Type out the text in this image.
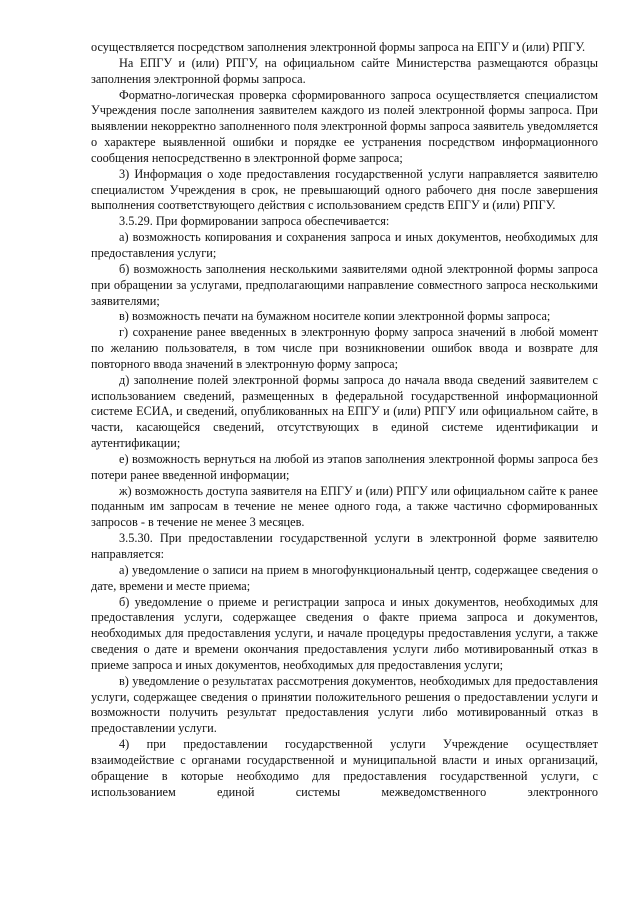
осуществляется посредством заполнения электронной формы запроса на ЕПГУ и (или) РПГУ.

На ЕПГУ и (или) РПГУ, на официальном сайте Министерства размещаются образцы заполнения электронной формы запроса.

Форматно-логическая проверка сформированного запроса осуществляется специалистом Учреждения после заполнения заявителем каждого из полей электронной формы запроса. При выявлении некорректно заполненного поля электронной формы запроса заявитель уведомляется о характере выявленной ошибки и порядке ее устранения посредством информационного сообщения непосредственно в электронной форме запроса;

3) Информация о ходе предоставления государственной услуги направляется заявителю специалистом Учреждения в срок, не превышающий одного рабочего дня после завершения выполнения соответствующего действия с использованием средств ЕПГУ и (или) РПГУ.

3.5.29. При формировании запроса обеспечивается:

а) возможность копирования и сохранения запроса и иных документов, необходимых для предоставления услуги;

б) возможность заполнения несколькими заявителями одной электронной формы запроса при обращении за услугами, предполагающими направление совместного запроса несколькими заявителями;

в) возможность печати на бумажном носителе копии электронной формы запроса;

г) сохранение ранее введенных в электронную форму запроса значений в любой момент по желанию пользователя, в том числе при возникновении ошибок ввода и возврате для повторного ввода значений в электронную форму запроса;

д) заполнение полей электронной формы запроса до начала ввода сведений заявителем с использованием сведений, размещенных в федеральной государственной информационной системе ЕСИА, и сведений, опубликованных на ЕПГУ и (или) РПГУ или официальном сайте, в части, касающейся сведений, отсутствующих в единой системе идентификации и аутентификации;

е) возможность вернуться на любой из этапов заполнения электронной формы запроса без потери ранее введенной информации;

ж) возможность доступа заявителя на ЕПГУ и (или) РПГУ или официальном сайте к ранее поданным им запросам в течение не менее одного года, а также частично сформированных запросов - в течение не менее 3 месяцев.

3.5.30. При предоставлении государственной услуги в электронной форме заявителю направляется:

а) уведомление о записи на прием в многофункциональный центр, содержащее сведения о дате, времени и месте приема;

б) уведомление о приеме и регистрации запроса и иных документов, необходимых для предоставления услуги, содержащее сведения о факте приема запроса и документов, необходимых для предоставления услуги, и начале процедуры предоставления услуги, а также сведения о дате и времени окончания предоставления услуги либо мотивированный отказ в приеме запроса и иных документов, необходимых для предоставления услуги;

в) уведомление о результатах рассмотрения документов, необходимых для предоставления услуги, содержащее сведения о принятии положительного решения о предоставлении услуги и возможности получить результат предоставления услуги либо мотивированный отказ в предоставлении услуги.

4) при предоставлении государственной услуги Учреждение осуществляет взаимодействие с органами государственной и муниципальной власти и иных организаций, обращение в которые необходимо для предоставления государственной услуги, с использованием единой системы межведомственного электронного
